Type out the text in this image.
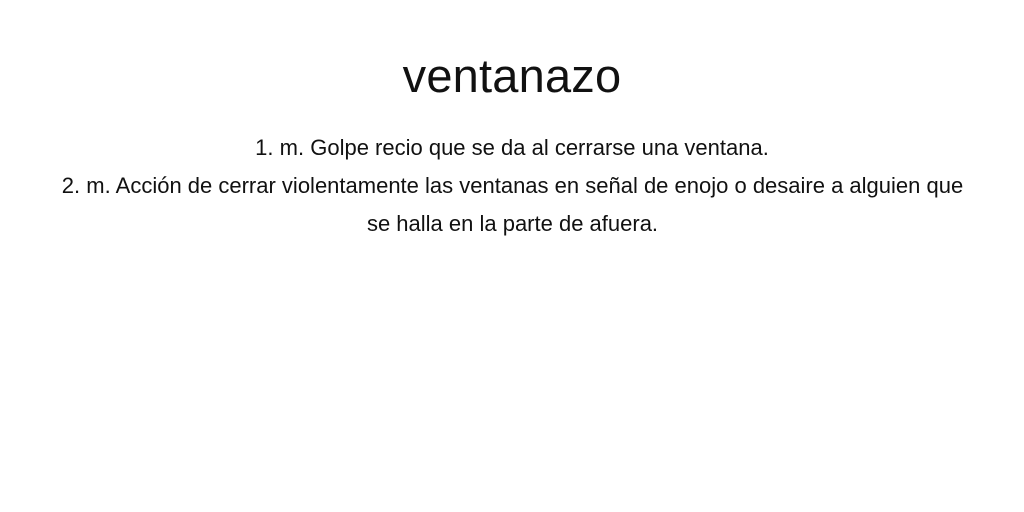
ventanazo

1. m. Golpe recio que se da al cerrarse una ventana.

2. m. Acción de cerrar violentamente las ventanas en señal de enojo o desaire a alguien que se halla en la parte de afuera.
